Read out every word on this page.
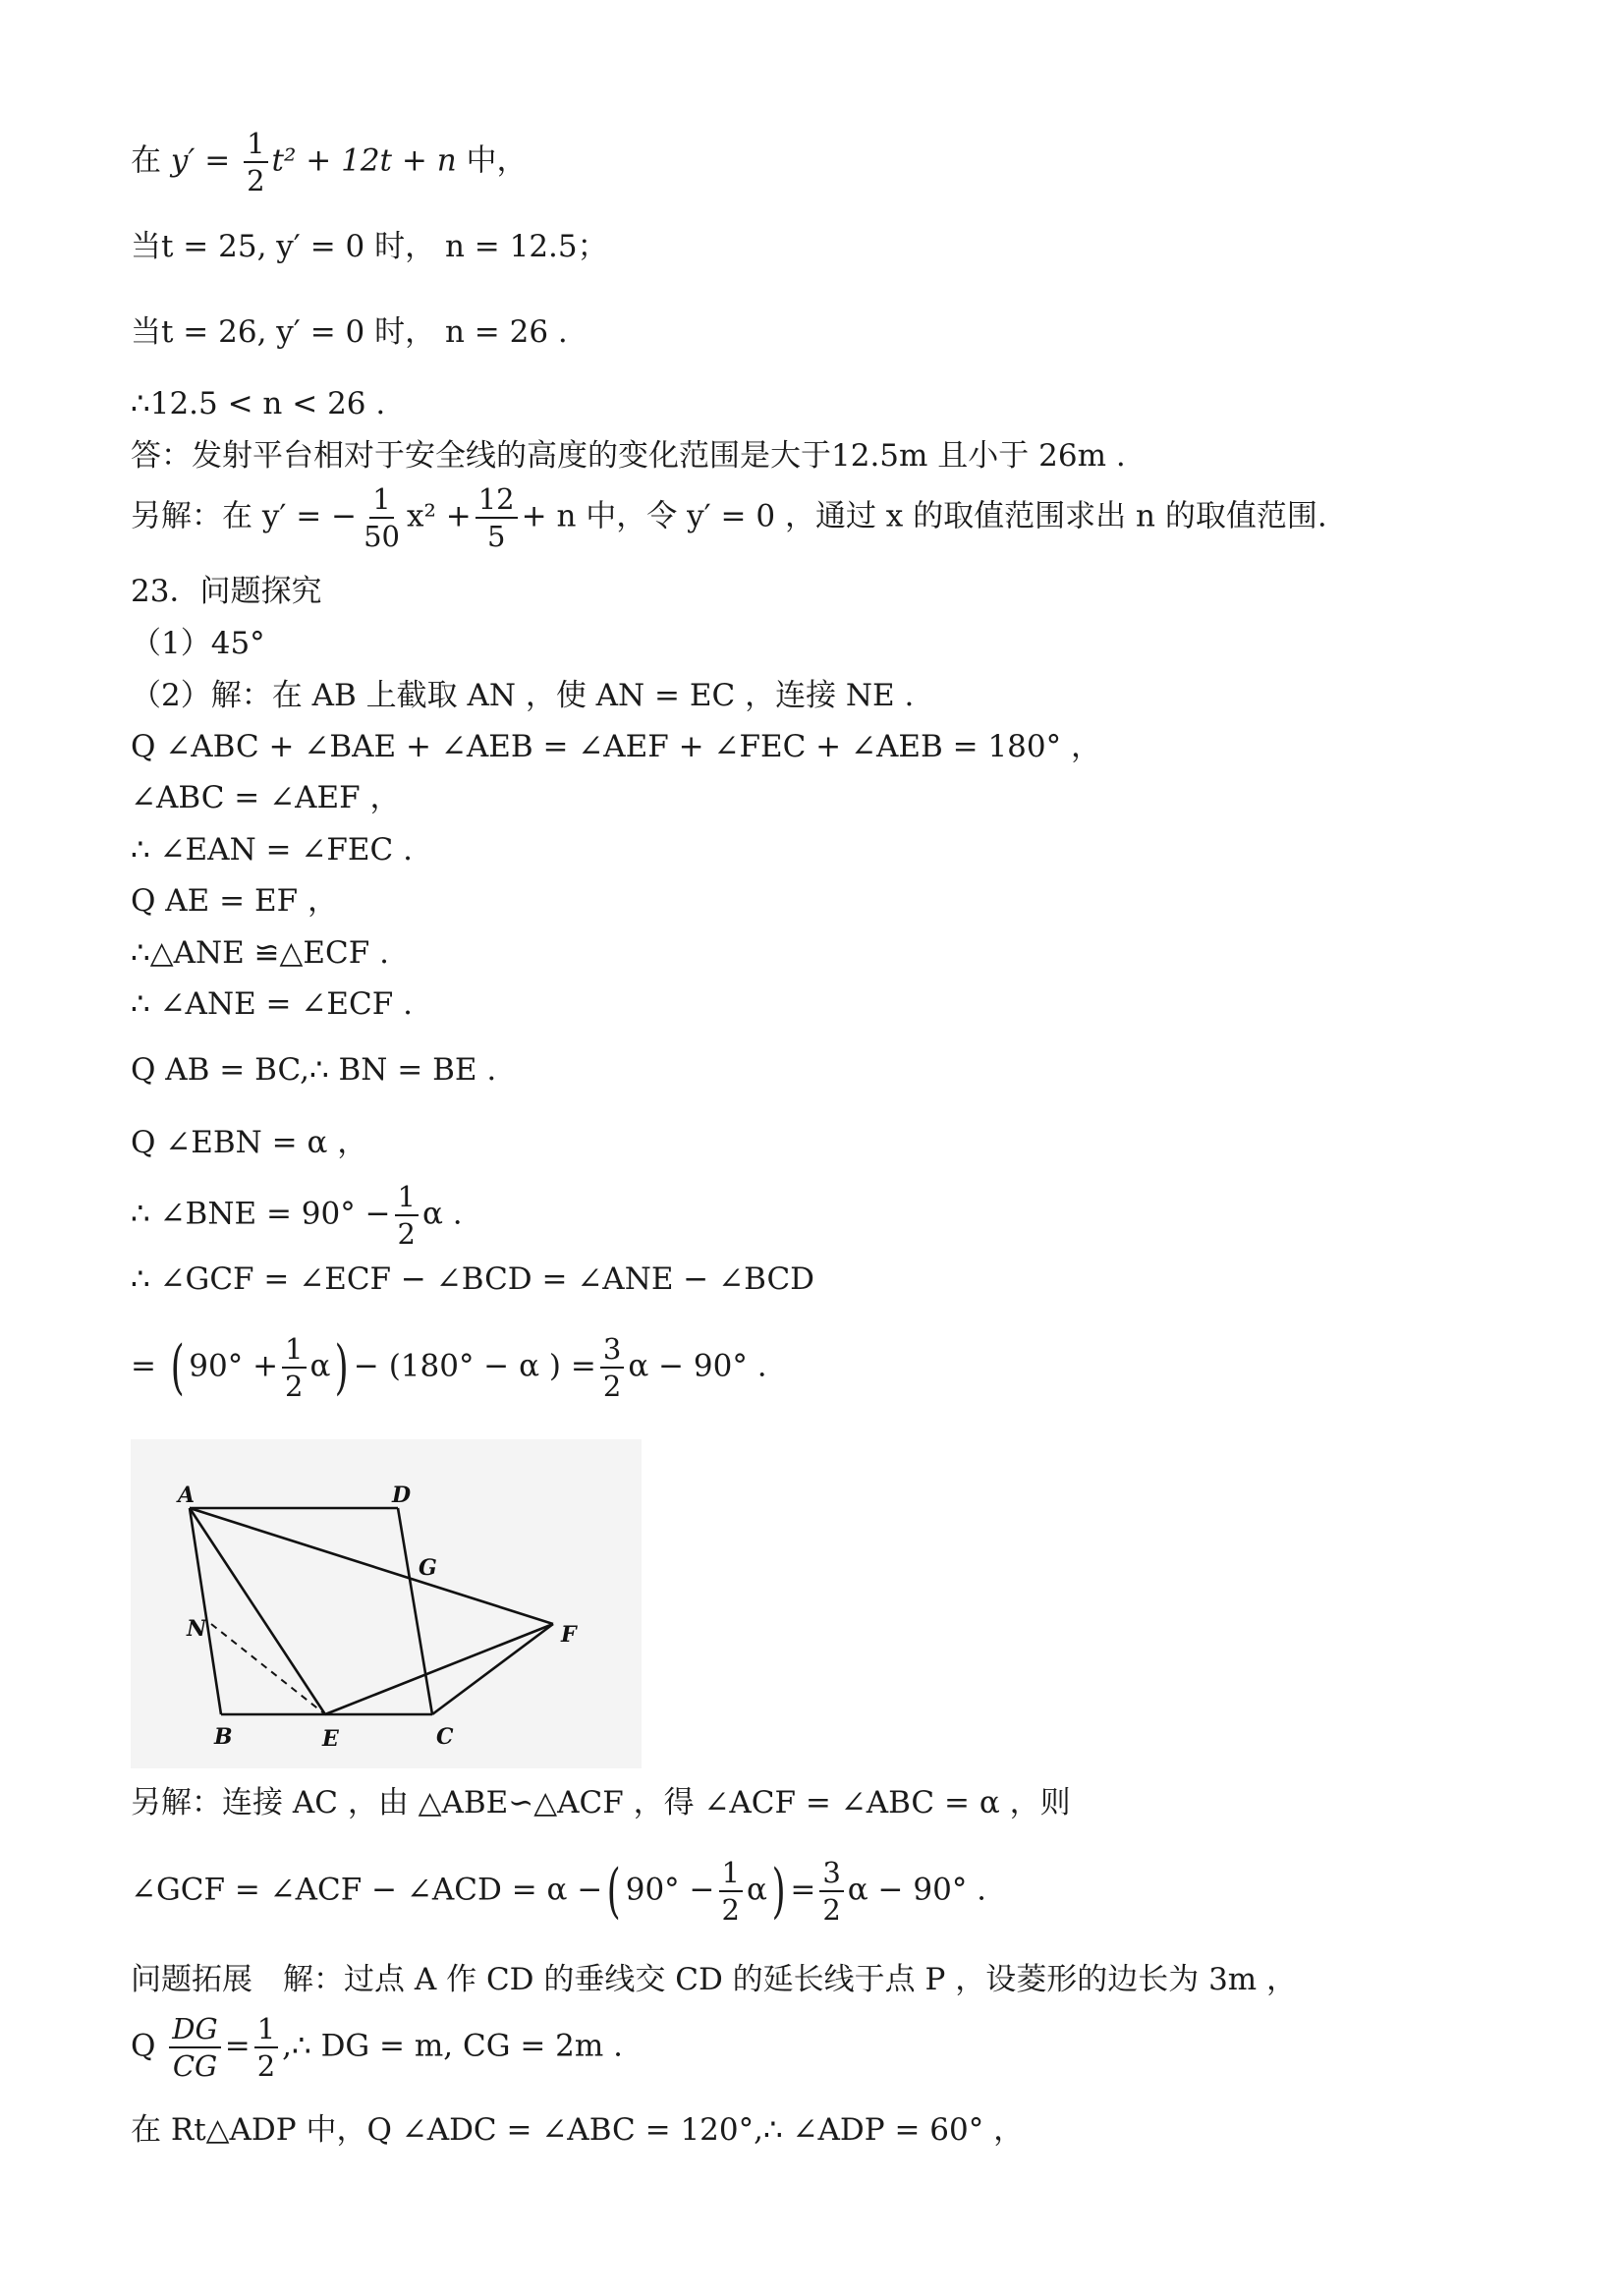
在 $y' = \frac{1}{2} t^2 + 12t + n$ 中，
当t = 25, y′ = 0 时， n = 12.5；
当t = 26, y′ = 0 时， n = 26 .
∴12.5 < n < 26 .
答：发射平台相对于安全线的高度的变化范围是大于12.5m 且小于 26m .
另解：在 y′ = − $\frac{1}{50} x^2 + \frac{12}{5} + n$ 中，令 y′ = 0 ，通过 x 的取值范围求出 n 的取值范围.
23．问题探究
（1）45°
（2）解：在 AB 上截取 AN ，使 AN = EC ，连接 NE .
Q ∠ABC + ∠BAE + ∠AEB = ∠AEF + ∠FEC + ∠AEB = 180° ，
∠ABC = ∠AEF ，
∴ ∠EAN = ∠FEC .
Q AE = EF ，
∴△ANE ≌△ECF .
∴ ∠ANE = ∠ECF .
Q AB = BC,∴ BN = BE .
Q ∠EBN = α ，
∴ ∠BNE = $90^\circ - \frac{1}{2}$ α .
∴ ∠GCF = ∠ECF − ∠BCD = ∠ANE − ∠BCD
= ( $90^\circ + \frac{1}{2} \alpha) - (180^\circ - \alpha$ ) = $\frac{3}{2}$ α − 90° .
A	D
G
N	F
B	E	C
另解：连接 AC ，由 △ABE∽△ACF ，得 ∠ACF = ∠ABC = α ，则
∠GCF = ∠ACF − ∠ACD = α −( $90^\circ - \frac{1}{2} \alpha) = \frac{3}{2}$ α − 90° .
问题拓展　解：过点 A 作 CD 的垂线交 CD 的延长线于点 P ，设菱形的边长为 3m ，
Q $\frac{DG}{CG} = \frac{1}{2}$ ,∴ DG = m, CG = 2m .
在 Rt△ADP 中，Q ∠ADC = ∠ABC = 120°,∴ ∠ADP = 60° ，
